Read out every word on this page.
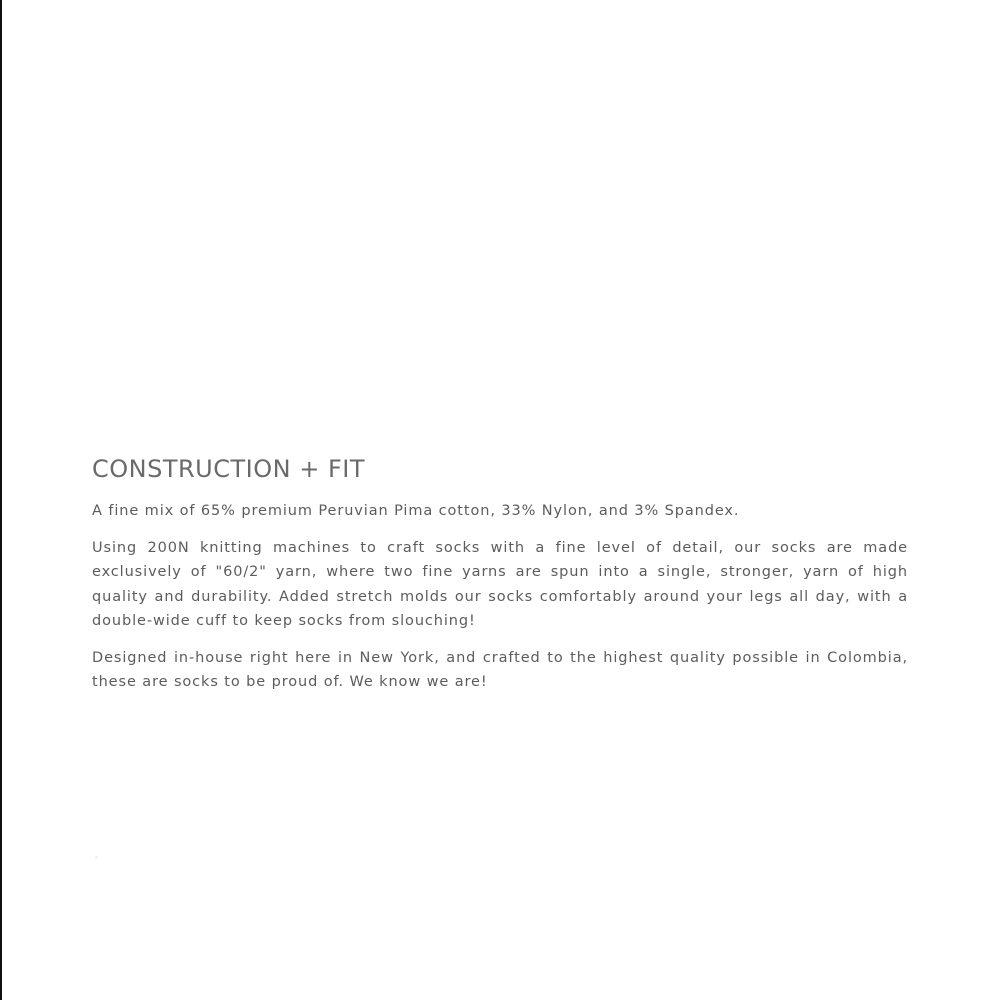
CONSTRUCTION + FIT

A fine mix of 65% premium Peruvian Pima cotton, 33% Nylon, and 3% Spandex.

Using 200N knitting machines to craft socks with a fine level of detail, our socks are made exclusively of "60/2" yarn, where two fine yarns are spun into a single, stronger, yarn of high quality and durability. Added stretch molds our socks comfortably around your legs all day, with a double-wide cuff to keep socks from slouching!

Designed in-house right here in New York, and crafted to the highest quality possible in Colombia, these are socks to be proud of. We know we are!
